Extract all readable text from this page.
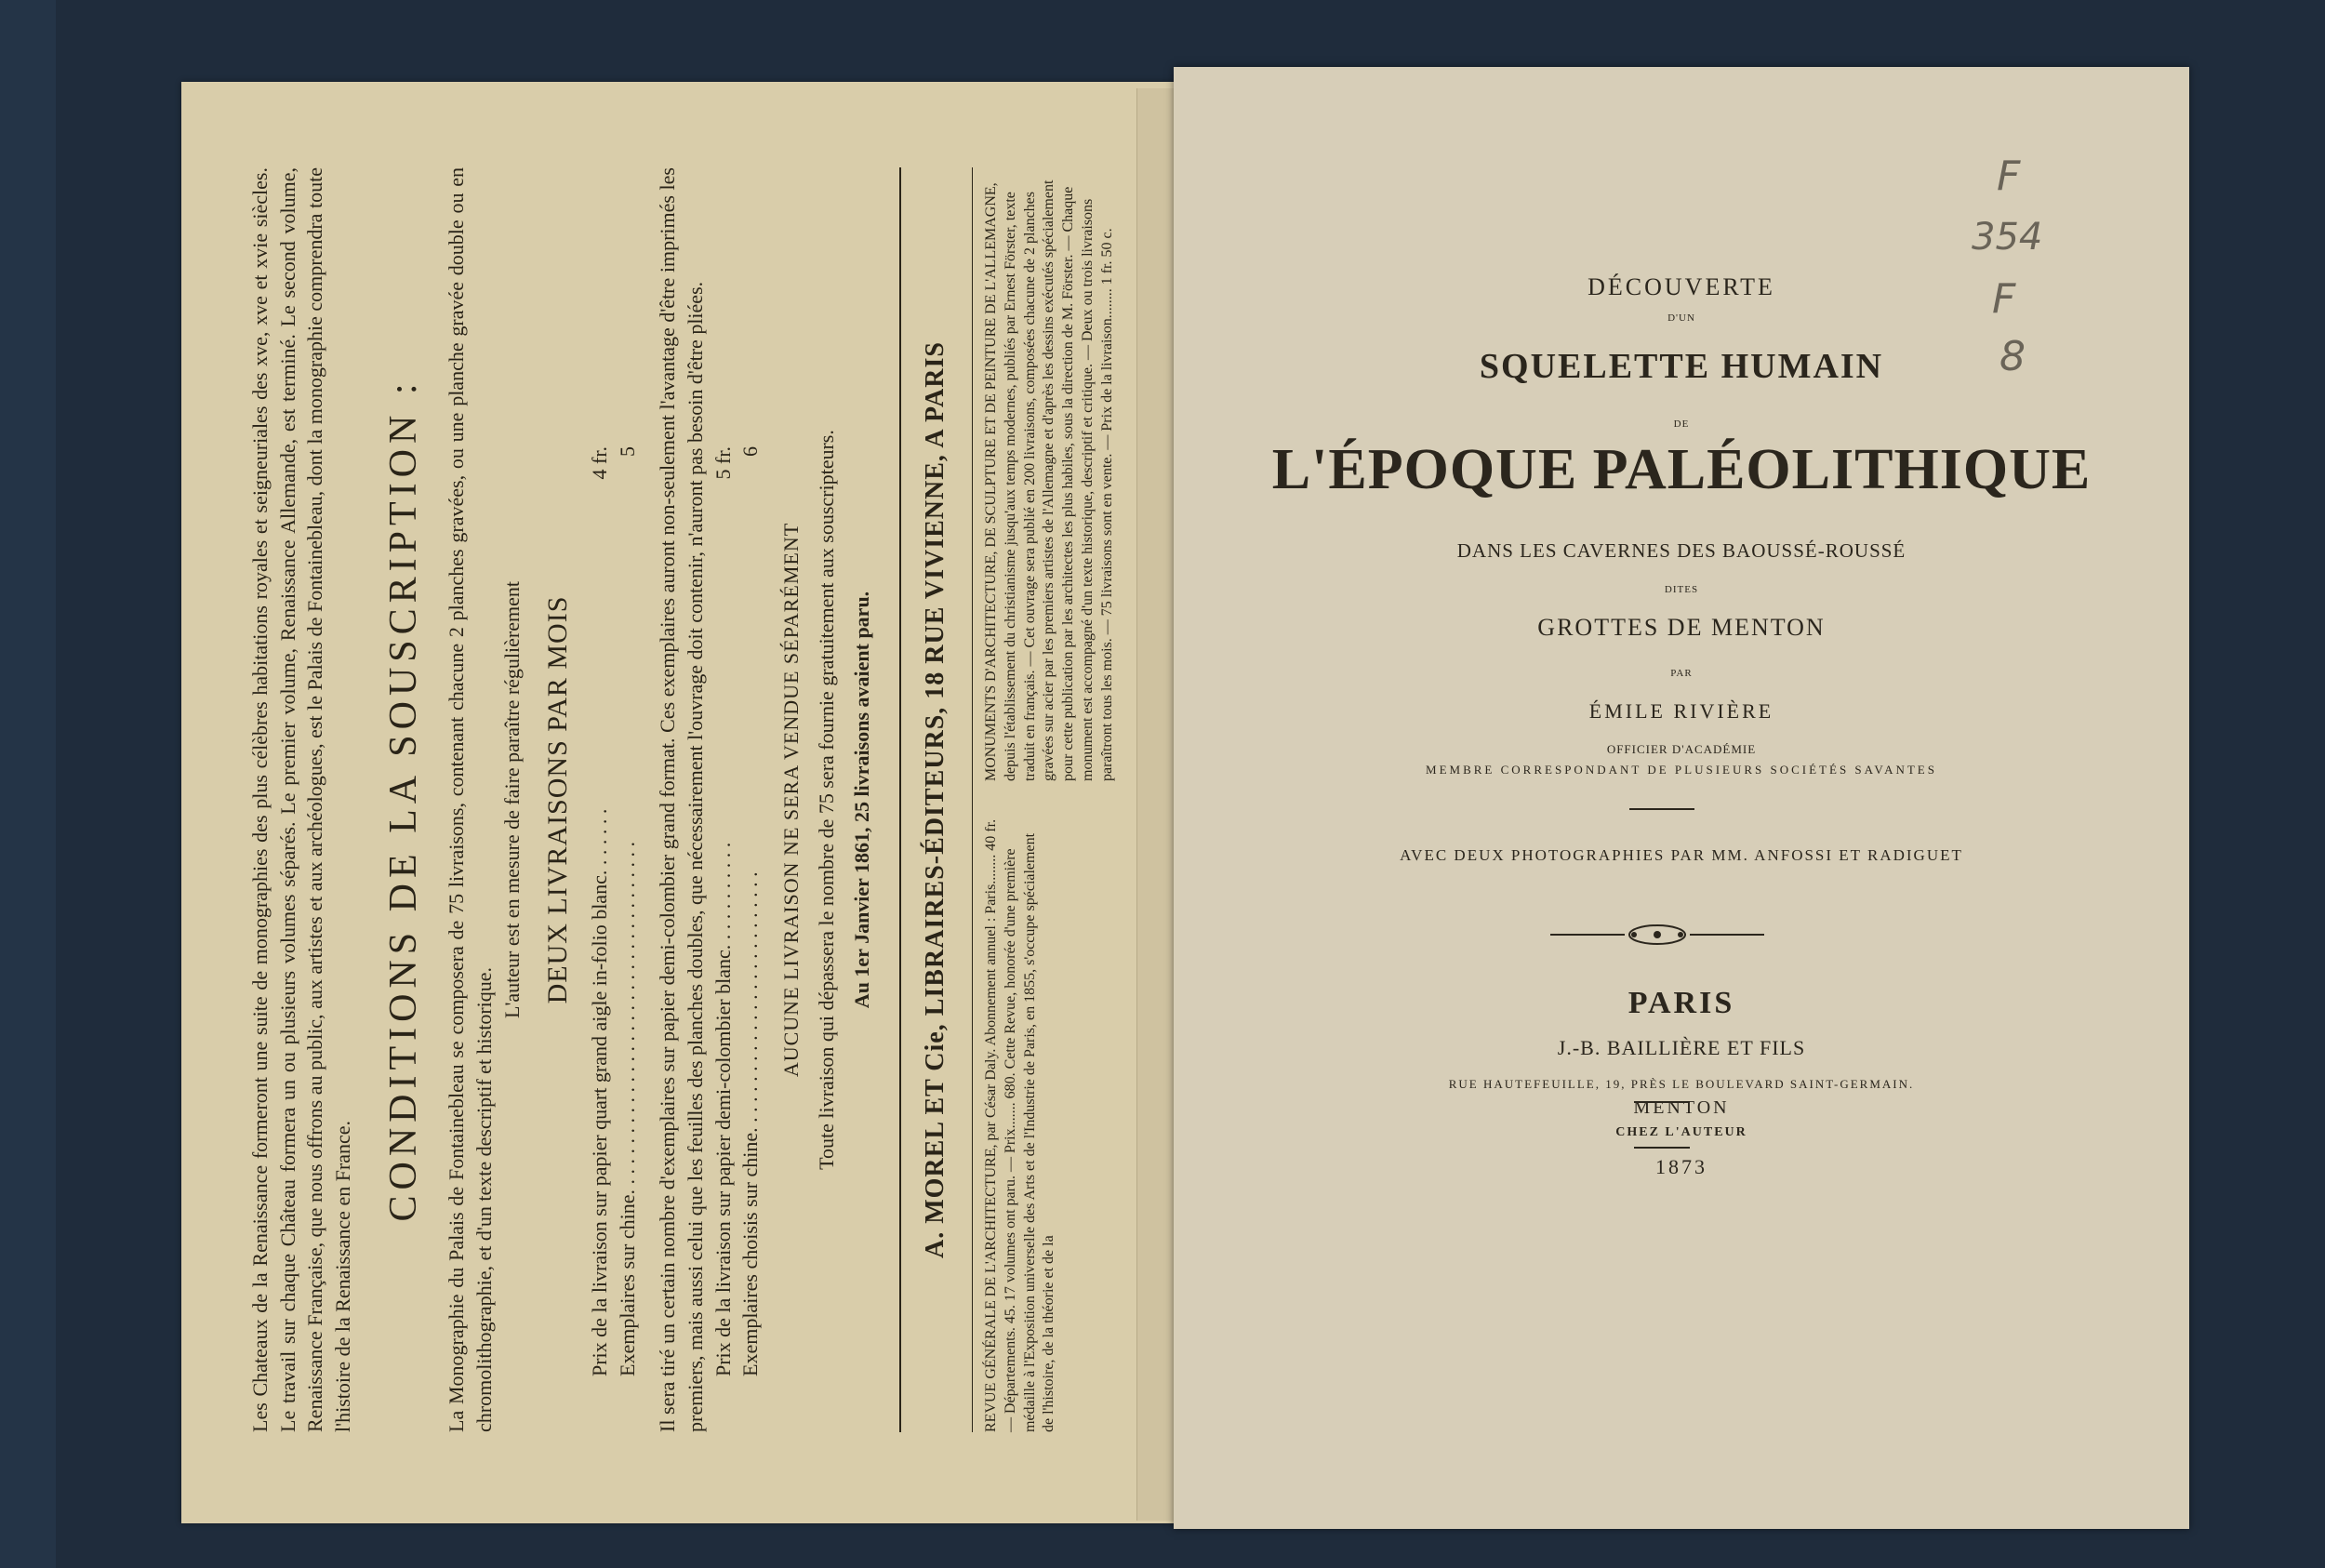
Les Chateaux de la Renaissance formeront une suite de monographies des plus célèbres habitations royales et seigneuriales des xve, xve et xvie siècles. Le travail sur chaque Château formera un ou plusieurs volumes séparés. Le premier volume, Renaissance Allemande, est terminé. Le second volume, Renaissance Française, que nous offrons au public, aux artistes et aux archéologues, est le Palais de Fontainebleau, dont la monographie comprendra toute l'histoire de la Renaissance en France.

CONDITIONS DE LA SOUSCRIPTION : La Monographie du Palais de Fontainebleau se composera de 75 livraisons, contenant chacune 2 planches gravées, ou une planche gravée double ou en chromolithographie, et d'un texte descriptif et historique.

L'auteur est en mesure de faire paraître régulièrement DEUX LIVRAISONS PAR MOIS
Prix de la livraison sur papier quart grand aigle in-folio blanc. . . . . . .
4 fr.
Exemplaires sur chine. . . . . . . . . . . . . . . . . . . . . . . . . . . . . . . . . . .
5 Il sera tiré un certain nombre d'exemplaires sur papier demi-colombier grand format. Ces exemplaires auront non-seulement l'avantage d'être imprimés les premiers, mais aussi celui que les feuilles des planches doubles, que nécessairement l'ouvrage doit contenir, n'auront pas besoin d'être pliées. Prix de la livraison sur papier demi-colombier blanc. . . . . . . . . . .
5 fr.
Exemplaires choisis sur chine. . . . . . . . . . . . . . . . . . . . . . . . . .
6
AUCUNE LIVRAISON NE SERA VENDUE SÉPARÉMENT Toute livraison qui dépassera le nombre de 75 sera fournie gratuitement aux souscripteurs. Au 1er Janvier 1861, 25 livraisons avaient paru. A. MOREL ET Cie, LIBRAIRES-ÉDITEURS, 18 RUE VIVIENNE, A PARIS REVUE GÉNÉRALE DE L'ARCHITECTURE, par César Daly. Abonnement annuel : Paris........ 40 fr. — Départements. 45. 17 volumes ont paru. — Prix....... 680. Cette Revue, honorée d'une première médaille à l'Exposition universelle des Arts et de l'Industrie de Paris, en 1855, s'occupe spécialement de l'histoire, de la théorie et de la
MONUMENTS D'ARCHITECTURE, DE SCULPTURE ET DE PEINTURE DE L'ALLEMAGNE, depuis l'établissement du christianisme jusqu'aux temps modernes, publiés par Ernest Förster, texte traduit en français. — Cet ouvrage sera publié en 200 livraisons, composées chacune de 2 planches gravées sur acier par les premiers artistes de l'Allemagne et d'après les dessins exécutés spécialement pour cette publication par les architectes les plus habiles, sous la direction de M. Förster. — Chaque monument est accompagné d'un texte historique, descriptif et critique. — Deux ou trois livraisons paraîtront tous les mois. — 75 livraisons sont en vente. — Prix de la livraison........ 1 fr. 50 c.	DÉCOUVERTE
D'UN
SQUELETTE HUMAIN
DE
L'ÉPOQUE PALÉOLITHIQUE
DANS LES CAVERNES DES BAOUSSÉ-ROUSSÉ
DITES
GROTTES DE MENTON
PAR
ÉMILE RIVIÈRE
OFFICIER D'ACADÉMIE
MEMBRE CORRESPONDANT DE PLUSIEURS SOCIÉTÉS SAVANTES
AVEC DEUX PHOTOGRAPHIES PAR MM. ANFOSSI ET RADIGUET
PARIS
J.-B. BAILLIÈRE ET FILS
RUE HAUTEFEUILLE, 19, PRÈS LE BOULEVARD SAINT-GERMAIN.
MENTON
CHEZ L'AUTEUR
1873
F
354
F
8
